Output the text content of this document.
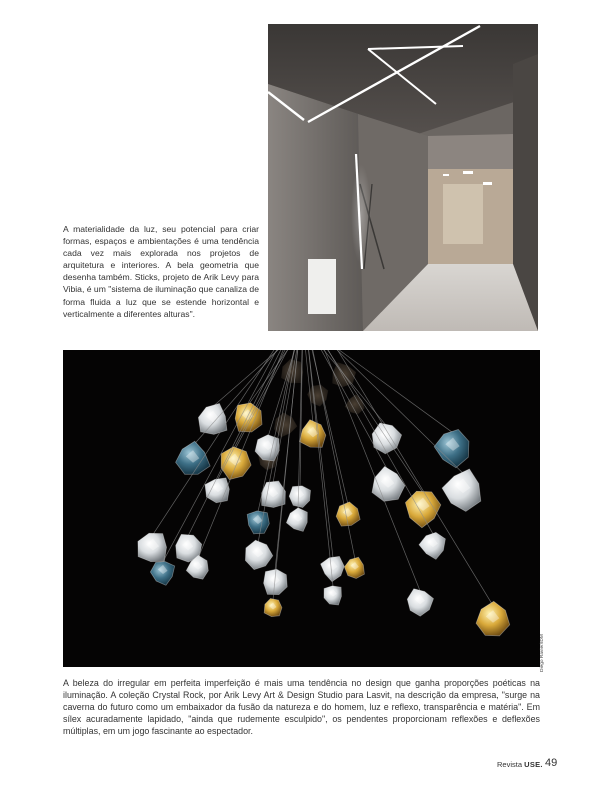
A materialidade da luz, seu potencial para criar formas, espaços e ambientações é uma tendência cada vez mais explorada nos projetos de arquitetura e interiores. A bela geometria que desenha também. Sticks, projeto de Arik Levy para Vibia, é um "sistema de iluminação que canaliza de forma fluida a luz que se estende horizontal e verticalmente a diferentes alturas".

Diego Ravier/IDM

A beleza do irregular em perfeita imperfeição é mais uma tendência no design que ganha proporções poéticas na iluminação. A coleção Crystal Rock, por Arik Levy Art & Design Studio para Lasvit, na descrição da empresa, "surge na caverna do futuro como um embaixador da fusão da natureza e do homem, luz e reflexo, transparência e matéria". Em sílex acuradamente lapidado, "ainda que rudemente esculpido", os pendentes proporcionam reflexões e deflexões múltiplas, em um jogo fascinante ao espectador.

Revista USE. 49
